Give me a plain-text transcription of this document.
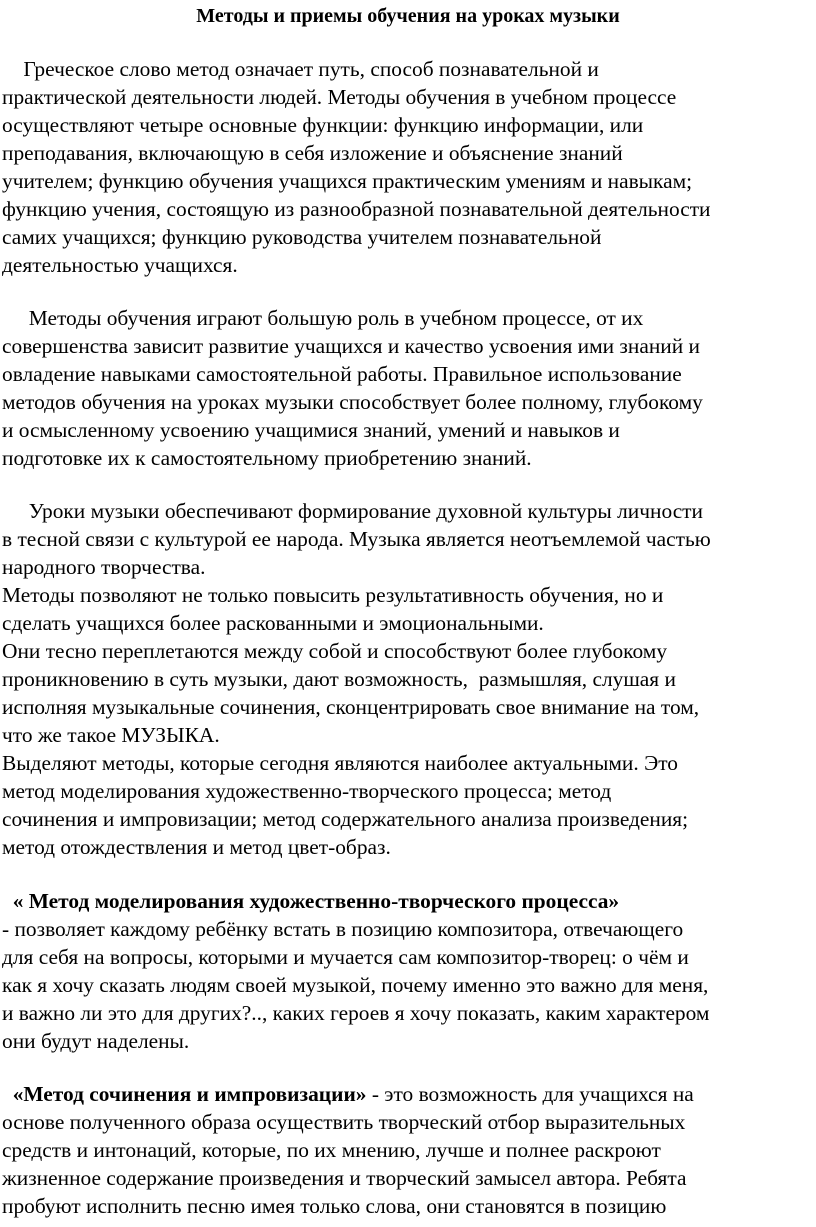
Методы и приемы обучения на уроках музыки

Греческое слово метод означает путь, способ познавательной и

практической деятельности людей. Методы обучения в учебном процессе

осуществляют четыре основные функции: функцию информации, или

преподавания, включающую в себя изложение и объяснение знаний

учителем; функцию обучения учащихся практическим умениям и навыкам;

функцию учения, состоящую из разнообразной познавательной деятельности

самих учащихся; функцию руководства учителем познавательной

деятельностью учащихся.

Методы обучения играют большую роль в учебном процессе, от их

совершенства зависит развитие учащихся и качество усвоения ими знаний и

овладение навыками самостоятельной работы. Правильное использование

методов обучения на уроках музыки способствует более полному, глубокому

и осмысленному усвоению учащимися знаний, умений и навыков и

подготовке их к самостоятельному приобретению знаний.

Уроки музыки обеспечивают формирование духовной культуры личности

в тесной связи с культурой ее народа. Музыка является неотъемлемой частью

народного творчества.

Методы позволяют не только повысить результативность обучения, но и

сделать учащихся более раскованными и эмоциональными.

Они тесно переплетаются между собой и способствуют более глубокому

проникновению в суть музыки, дают возможность,  размышляя, слушая и

исполняя музыкальные сочинения, сконцентрировать свое внимание на том,

что же такое МУЗЫКА.

Выделяют методы, которые сегодня являются наиболее актуальными. Это

метод моделирования художественно-творческого процесса; метод

сочинения и импровизации; метод содержательного анализа произведения;

метод отождествления и метод цвет-образ.

« Метод моделирования художественно-творческого процесса»

- позволяет каждому ребёнку встать в позицию композитора, отвечающего

для себя на вопросы, которыми и мучается сам композитор-творец: о чём и

как я хочу сказать людям своей музыкой, почему именно это важно для меня,

и важно ли это для других?.., каких героев я хочу показать, каким характером

они будут наделены.

«Метод сочинения и импровизации» - это возможность для учащихся на

основе полученного образа осуществить творческий отбор выразительных

средств и интонаций, которые, по их мнению, лучше и полнее раскроют

жизненное содержание произведения и творческий замысел автора. Ребята

пробуют исполнить песню имея только слова, они становятся в позицию
